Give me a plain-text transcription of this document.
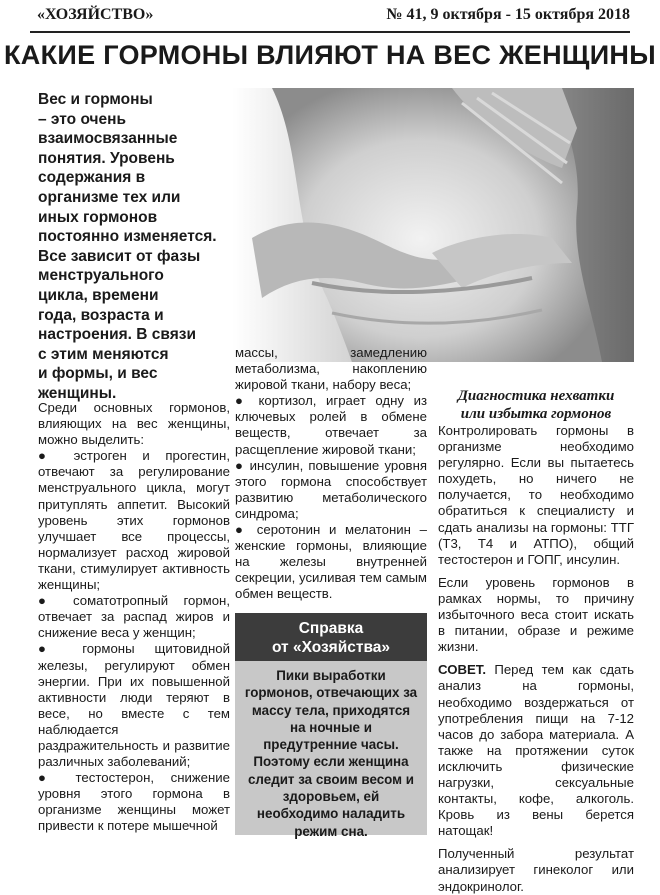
«ХОЗЯЙСТВО»	№ 41, 9 октября - 15 октября 2018
КАКИЕ ГОРМОНЫ ВЛИЯЮТ НА ВЕС ЖЕНЩИНЫ
Вес и гормоны
– это очень
взаимосвязанные
понятия. Уровень
содержания в
организме тех или
иных гормонов
постоянно изменяется.
Все зависит от фазы
менструального
цикла, времени
года, возраста и
настроения. В связи
с этим меняются
и формы, и вес
женщины.

Среди основных гормонов, влияющих на вес женщины, можно выделить:

● эстроген и прогестин, отвечают за регулирование менструального цикла, могут притуплять аппетит. Высокий уровень этих гормонов улучшает все процессы, нормализует расход жировой ткани, стимулирует активность женщины;

● соматотропный гормон, отвечает за распад жиров и снижение веса у женщин;

● гормоны щитовидной железы, регулируют обмен энергии. При их повышенной активности люди теряют в весе, но вместе с тем наблюдается раздражительность и развитие различных заболеваний;

● тестостерон, снижение уровня этого гормона в организме женщины может привести к потере мышечной

массы, замедлению метаболизма, накоплению жировой ткани, набору веса;

● кортизол, играет одну из ключевых ролей в обмене веществ, отвечает за расщепление жировой ткани;

● инсулин, повышение уровня этого гормона способствует развитию метаболического синдрома;

● серотонин и мелатонин – женские гормоны, влияющие на железы внутренней секреции, усиливая тем самым обмен веществ.

Справка
от «Хозяйства»
Пики выработки гормонов, отвечающих за массу тела, приходятся на ночные и предутренние часы. Поэтому если женщина следит за своим весом и здоровьем, ей необходимо наладить режим сна.
Диагностика нехватки
или избытка гормонов

Контролировать гормоны в организме необходимо регулярно. Если вы пытаетесь похудеть, но ничего не получается, то необходимо обратиться к специалисту и сдать анализы на гормоны: ТТГ (Т3, Т4 и АТПО), общий тестостерон и ГОПГ, инсулин.

Если уровень гормонов в рамках нормы, то причину избыточного веса стоит искать в питании, образе и режиме жизни.

СОВЕТ. Перед тем как сдать анализ на гормоны, необходимо воздержаться от употребления пищи на 7-12 часов до забора материала. А также на протяжении суток исключить физические нагрузки, сексуальные контакты, кофе, алкоголь. Кровь из вены берется натощак!

Полученный результат анализирует гинеколог или эндокринолог.
